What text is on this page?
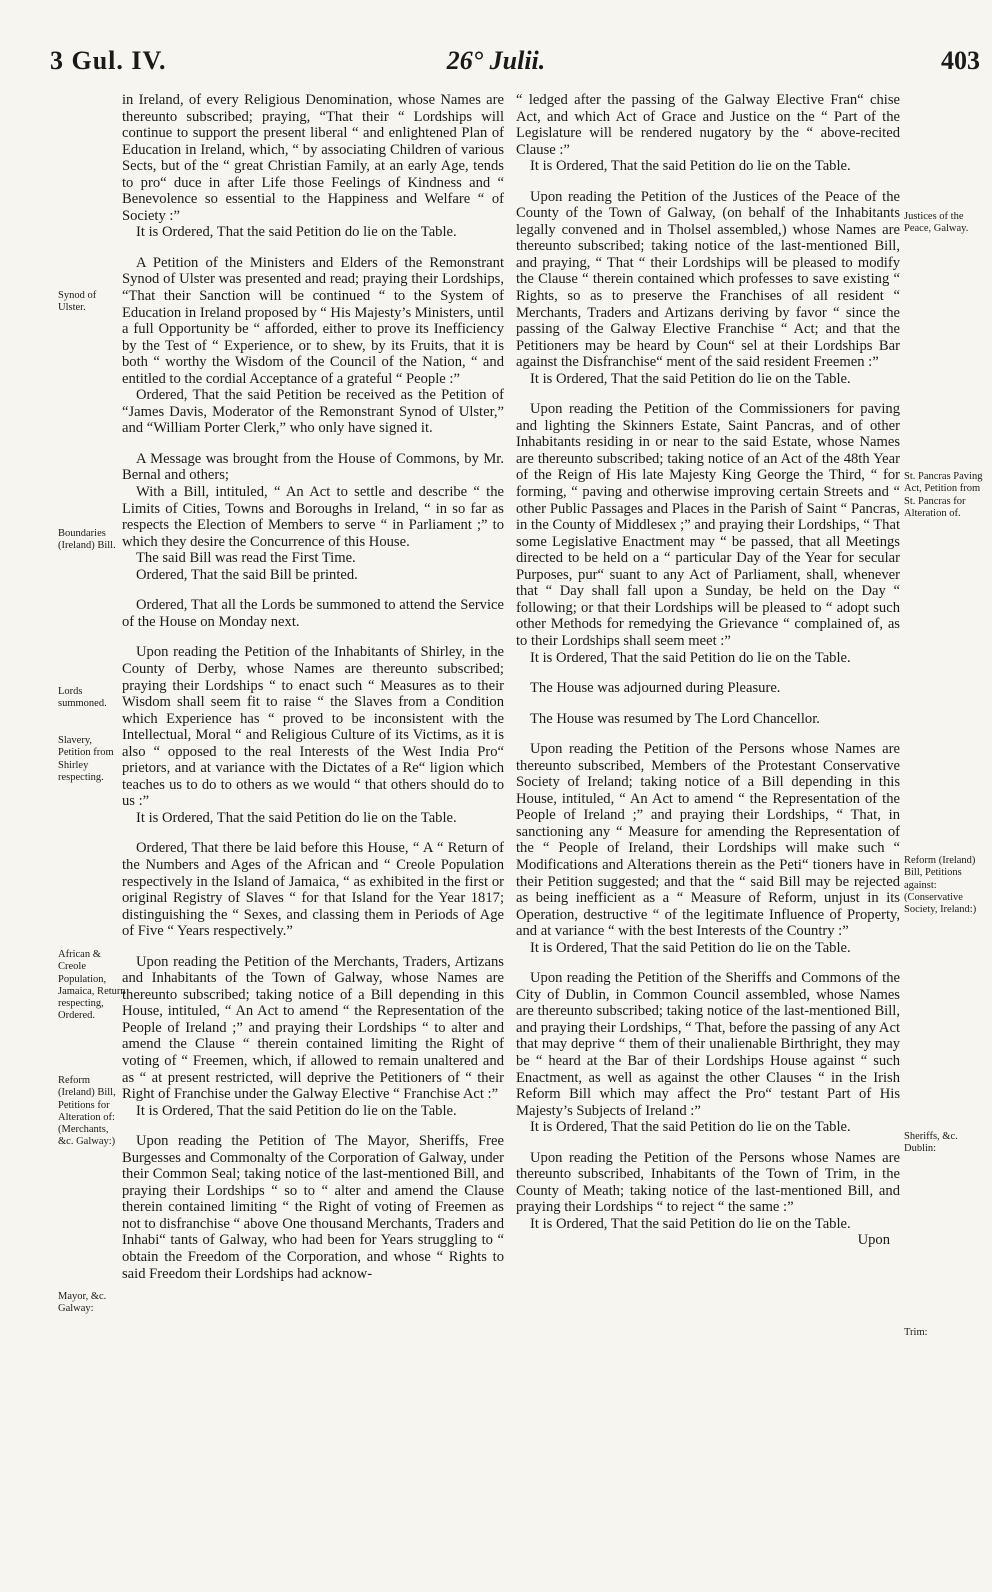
3 Gul. IV.	26° Julii.	403

in Ireland, of every Religious Denomination, whose Names are thereunto subscribed; praying, “That their “ Lordships will continue to support the present liberal “ and enlightened Plan of Education in Ireland, which, “ by associating Children of various Sects, but of the “ great Christian Family, at an early Age, tends to pro“ duce in after Life those Feelings of Kindness and “ Benevolence so essential to the Happiness and Welfare “ of Society :”

It is Ordered, That the said Petition do lie on the Table.

A Petition of the Ministers and Elders of the Remonstrant Synod of Ulster was presented and read; praying their Lordships, “That their Sanction will be continued “ to the System of Education in Ireland proposed by “ His Majesty’s Ministers, until a full Opportunity be “ afforded, either to prove its Inefficiency by the Test of “ Experience, or to shew, by its Fruits, that it is both “ worthy the Wisdom of the Council of the Nation, “ and entitled to the cordial Acceptance of a grateful “ People :”

Ordered, That the said Petition be received as the Petition of “James Davis, Moderator of the Remonstrant Synod of Ulster,” and “William Porter Clerk,” who only have signed it.

A Message was brought from the House of Commons, by Mr. Bernal and others;

With a Bill, intituled, “ An Act to settle and describe “ the Limits of Cities, Towns and Boroughs in Ireland, “ in so far as respects the Election of Members to serve “ in Parliament ;” to which they desire the Concurrence of this House.

The said Bill was read the First Time.

Ordered, That the said Bill be printed.

Ordered, That all the Lords be summoned to attend the Service of the House on Monday next.

Upon reading the Petition of the Inhabitants of Shirley, in the County of Derby, whose Names are thereunto subscribed; praying their Lordships “ to enact such “ Measures as to their Wisdom shall seem fit to raise “ the Slaves from a Condition which Experience has “ proved to be inconsistent with the Intellectual, Moral “ and Religious Culture of its Victims, as it is also “ opposed to the real Interests of the West India Pro“ prietors, and at variance with the Dictates of a Re“ ligion which teaches us to do to others as we would “ that others should do to us :”

It is Ordered, That the said Petition do lie on the Table.

Ordered, That there be laid before this House, “ A “ Return of the Numbers and Ages of the African and “ Creole Population respectively in the Island of Jamaica, “ as exhibited in the first or original Registry of Slaves “ for that Island for the Year 1817; distinguishing the “ Sexes, and classing them in Periods of Age of Five “ Years respectively.”

Upon reading the Petition of the Merchants, Traders, Artizans and Inhabitants of the Town of Galway, whose Names are thereunto subscribed; taking notice of a Bill depending in this House, intituled, “ An Act to amend “ the Representation of the People of Ireland ;” and praying their Lordships “ to alter and amend the Clause “ therein contained limiting the Right of voting of “ Freemen, which, if allowed to remain unaltered and as “ at present restricted, will deprive the Petitioners of “ their Right of Franchise under the Galway Elective “ Franchise Act :”

It is Ordered, That the said Petition do lie on the Table.

Upon reading the Petition of The Mayor, Sheriffs, Free Burgesses and Commonalty of the Corporation of Galway, under their Common Seal; taking notice of the last-mentioned Bill, and praying their Lordships “ so to “ alter and amend the Clause therein contained limiting “ the Right of voting of Freemen as not to disfranchise “ above One thousand Merchants, Traders and Inhabi“ tants of Galway, who had been for Years struggling to “ obtain the Freedom of the Corporation, and whose “ Rights to said Freedom their Lordships had acknow-

“ ledged after the passing of the Galway Elective Fran“ chise Act, and which Act of Grace and Justice on the “ Part of the Legislature will be rendered nugatory by the “ above-recited Clause :”

It is Ordered, That the said Petition do lie on the Table.

Upon reading the Petition of the Justices of the Peace of the County of the Town of Galway, (on behalf of the Inhabitants legally convened and in Tholsel assembled,) whose Names are thereunto subscribed; taking notice of the last-mentioned Bill, and praying, “ That “ their Lordships will be pleased to modify the Clause “ therein contained which professes to save existing “ Rights, so as to preserve the Franchises of all resident “ Merchants, Traders and Artizans deriving by favor “ since the passing of the Galway Elective Franchise “ Act; and that the Petitioners may be heard by Coun“ sel at their Lordships Bar against the Disfranchise“ ment of the said resident Freemen :”

It is Ordered, That the said Petition do lie on the Table.

Upon reading the Petition of the Commissioners for paving and lighting the Skinners Estate, Saint Pancras, and of other Inhabitants residing in or near to the said Estate, whose Names are thereunto subscribed; taking notice of an Act of the 48th Year of the Reign of His late Majesty King George the Third, “ for forming, “ paving and otherwise improving certain Streets and “ other Public Passages and Places in the Parish of Saint “ Pancras, in the County of Middlesex ;” and praying their Lordships, “ That some Legislative Enactment may “ be passed, that all Meetings directed to be held on a “ particular Day of the Year for secular Purposes, pur“ suant to any Act of Parliament, shall, whenever that “ Day shall fall upon a Sunday, be held on the Day “ following; or that their Lordships will be pleased to “ adopt such other Methods for remedying the Grievance “ complained of, as to their Lordships shall seem meet :”

It is Ordered, That the said Petition do lie on the Table.

The House was adjourned during Pleasure.

The House was resumed by The Lord Chancellor.

Upon reading the Petition of the Persons whose Names are thereunto subscribed, Members of the Protestant Conservative Society of Ireland; taking notice of a Bill depending in this House, intituled, “ An Act to amend “ the Representation of the People of Ireland ;” and praying their Lordships, “ That, in sanctioning any “ Measure for amending the Representation of the “ People of Ireland, their Lordships will make such “ Modifications and Alterations therein as the Peti“ tioners have in their Petition suggested; and that the “ said Bill may be rejected as being inefficient as a “ Measure of Reform, unjust in its Operation, destructive “ of the legitimate Influence of Property, and at variance “ with the best Interests of the Country :”

It is Ordered, That the said Petition do lie on the Table.

Upon reading the Petition of the Sheriffs and Commons of the City of Dublin, in Common Council assembled, whose Names are thereunto subscribed; taking notice of the last-mentioned Bill, and praying their Lordships, “ That, before the passing of any Act that may deprive “ them of their unalienable Birthright, they may be “ heard at the Bar of their Lordships House against “ such Enactment, as well as against the other Clauses “ in the Irish Reform Bill which may affect the Pro“ testant Part of His Majesty’s Subjects of Ireland :”

It is Ordered, That the said Petition do lie on the Table.

Upon reading the Petition of the Persons whose Names are thereunto subscribed, Inhabitants of the Town of Trim, in the County of Meath; taking notice of the last-mentioned Bill, and praying their Lordships “ to reject “ the same :”

It is Ordered, That the said Petition do lie on the Table.

Upon

Synod of Ulster.
Boundaries (Ireland) Bill.
Lords summoned.
Slavery, Petition from Shirley respecting.
African & Creole Population, Jamaica, Return respecting, Ordered.
Reform (Ireland) Bill, Petitions for Alteration of: (Merchants, &c. Galway:)
Mayor, &c. Galway:
Justices of the Peace, Galway.
St. Pancras Paving Act, Petition from St. Pancras for Alteration of.
Reform (Ireland) Bill, Petitions against: (Conservative Society, Ireland:)
Sheriffs, &c. Dublin:
Trim:
